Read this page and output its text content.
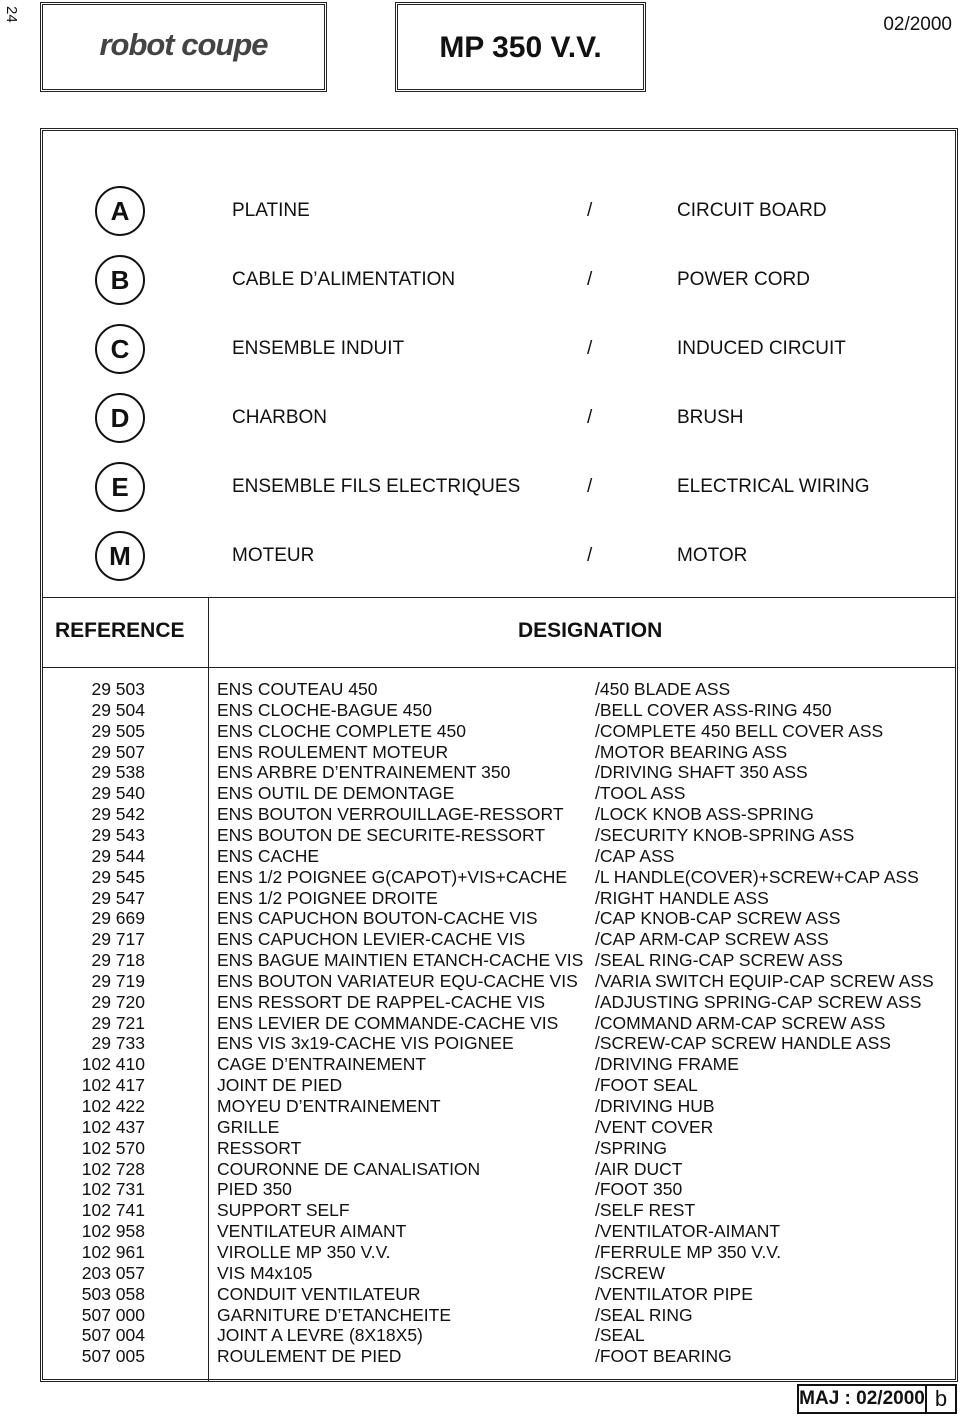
24
robot coupe	MP 350 V.V.
02/2000
A	PLATINE	/	CIRCUIT BOARD
B	CABLE D’ALIMENTATION	/	POWER CORD
C	ENSEMBLE INDUIT	/	INDUCED CIRCUIT
D	CHARBON	/	BRUSH
E	ENSEMBLE FILS ELECTRIQUES	/	ELECTRICAL WIRING
M	MOTEUR	/	MOTOR
REFERENCE	DESIGNATION
29 503	ENS COUTEAU 450	/450 BLADE ASS
29 504	ENS CLOCHE-BAGUE 450	/BELL COVER ASS-RING 450
29 505	ENS CLOCHE COMPLETE 450	/COMPLETE 450 BELL COVER ASS
29 507	ENS ROULEMENT MOTEUR	/MOTOR BEARING ASS
29 538	ENS ARBRE D’ENTRAINEMENT 350	/DRIVING SHAFT 350 ASS
29 540	ENS OUTIL DE DEMONTAGE	/TOOL ASS
29 542	ENS BOUTON VERROUILLAGE-RESSORT /LOCK KNOB ASS-SPRING
29 543	ENS BOUTON DE SECURITE-RESSORT	/SECURITY KNOB-SPRING ASS
29 544	ENS CACHE	/CAP ASS
29 545	ENS 1/2 POIGNEE G(CAPOT)+VIS+CACHE /L HANDLE(COVER)+SCREW+CAP ASS
29 547	ENS 1/2 POIGNEE DROITE	/RIGHT HANDLE ASS
29 669	ENS CAPUCHON BOUTON-CACHE VIS	/CAP KNOB-CAP SCREW ASS
29 717	ENS CAPUCHON LEVIER-CACHE VIS	/CAP ARM-CAP SCREW ASS
29 718	ENS BAGUE MAINTIEN ETANCH-CACHE VIS /SEAL RING-CAP SCREW ASS
29 719	ENS BOUTON VARIATEUR EQU-CACHE VIS /VARIA SWITCH EQUIP-CAP SCREW ASS
29 720	ENS RESSORT DE RAPPEL-CACHE VIS	/ADJUSTING SPRING-CAP SCREW ASS
29 721	ENS LEVIER DE COMMANDE-CACHE VIS /COMMAND ARM-CAP SCREW ASS
29 733	ENS VIS 3x19-CACHE VIS POIGNEE	/SCREW-CAP SCREW HANDLE ASS
102 410	CAGE D’ENTRAINEMENT	/DRIVING FRAME
102 417	JOINT DE PIED	/FOOT SEAL
102 422	MOYEU D’ENTRAINEMENT	/DRIVING HUB
102 437	GRILLE	/VENT COVER
102 570	RESSORT	/SPRING
102 728	COURONNE DE CANALISATION	/AIR DUCT
102 731	PIED 350	/FOOT 350
102 741	SUPPORT SELF	/SELF REST
102 958	VENTILATEUR AIMANT	/VENTILATOR-AIMANT
102 961	VIROLLE MP 350 V.V.	/FERRULE MP 350 V.V.
203 057	VIS M4x105	/SCREW
503 058	CONDUIT VENTILATEUR	/VENTILATOR PIPE
507 000	GARNITURE D’ETANCHEITE	/SEAL RING
507 004	JOINT A LEVRE (8X18X5)	/SEAL
507 005	ROULEMENT DE PIED	/FOOT BEARING
MAJ : 02/2000 b
